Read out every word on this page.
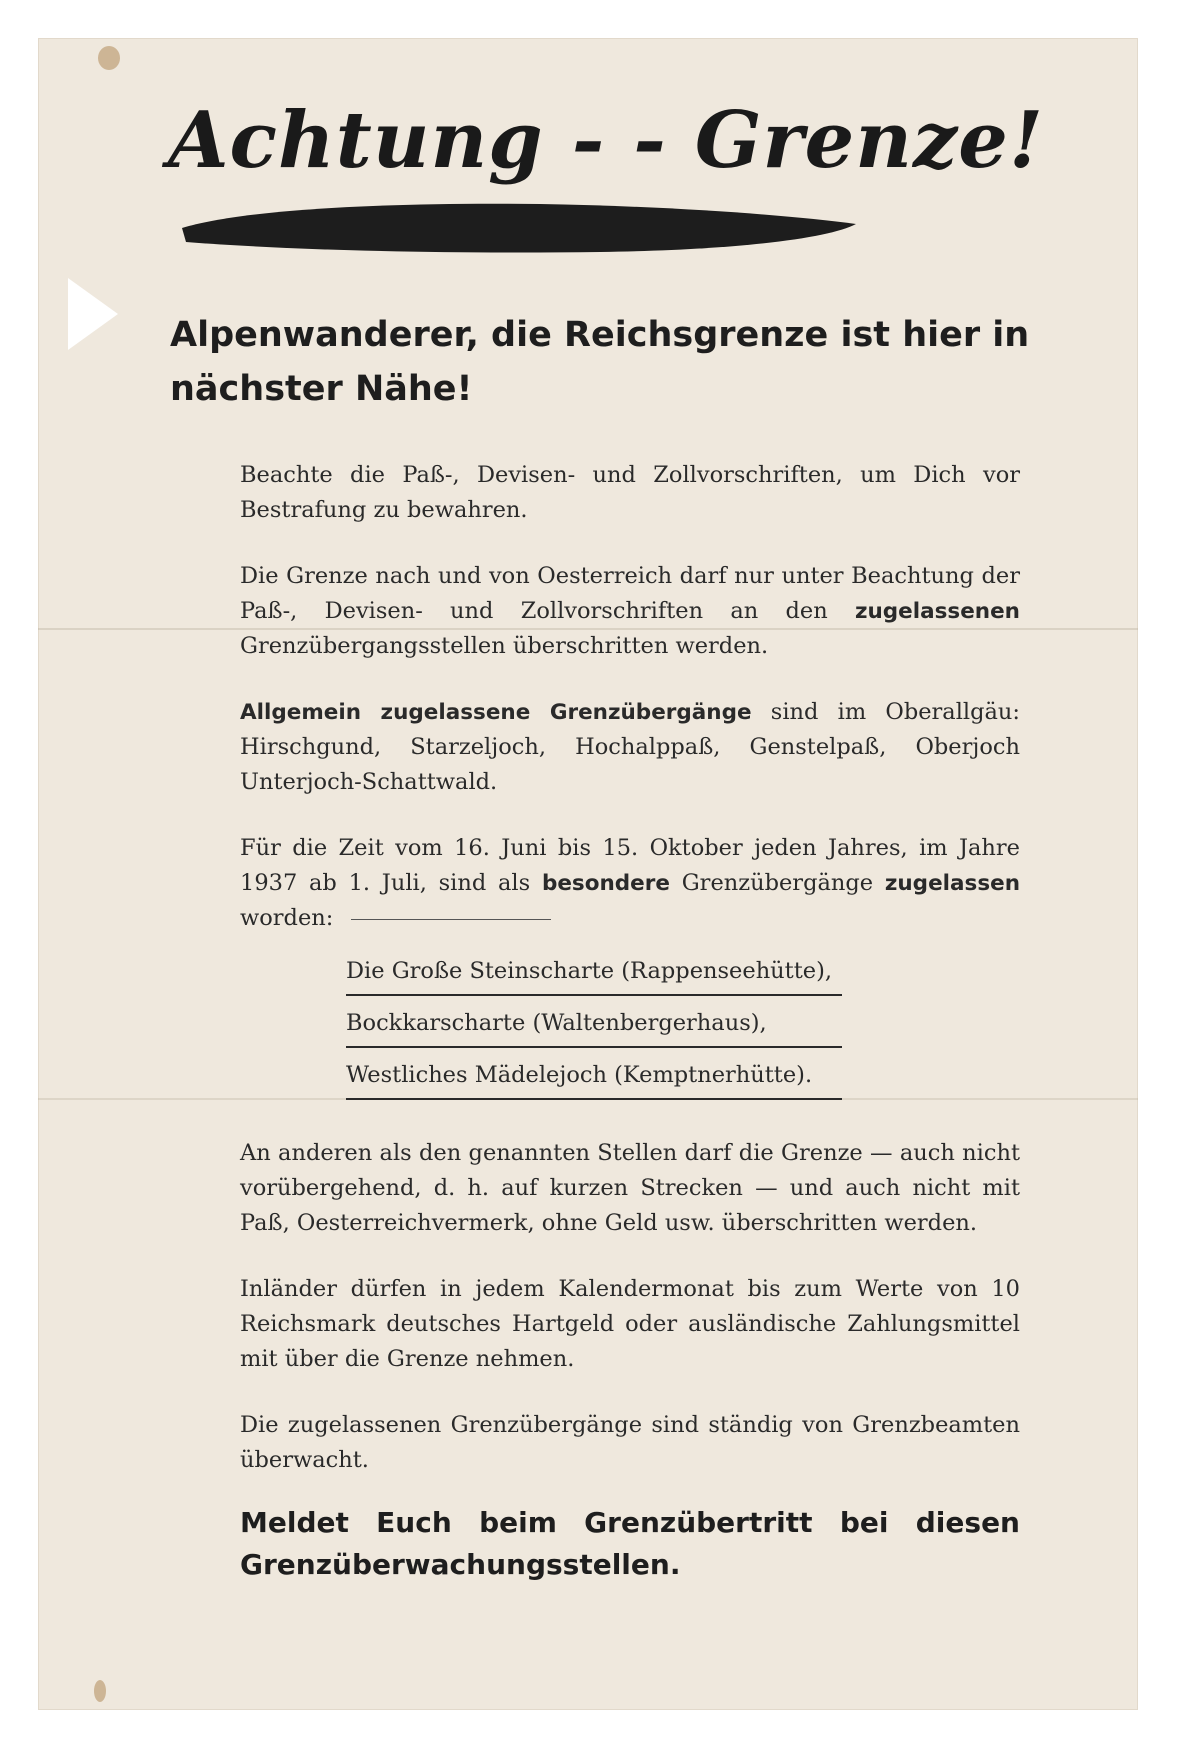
Achtung - - Grenze!
Alpenwanderer, die Reichsgrenze ist hier in nächster Nähe!

Beachte die Paß-, Devisen- und Zollvorschriften, um Dich vor Bestrafung zu bewahren.

Die Grenze nach und von Oesterreich darf nur unter Beachtung der Paß-, Devisen- und Zollvorschriften an den zugelassenen Grenzübergangsstellen überschritten werden.

Allgemein zugelassene Grenzübergänge sind im Oberallgäu: Hirschgund, Starzeljoch, Hochalppaß, Genstelpaß, Oberjoch Unterjoch-Schattwald.

Für die Zeit vom 16. Juni bis 15. Oktober jeden Jahres, im Jahre 1937 ab 1. Juli, sind als besondere Grenzübergänge zugelassen worden:

Die Große Steinscharte (Rappenseehütte),
Bockkarscharte (Waltenbergerhaus),
Westliches Mädelejoch (Kemptnerhütte).

An anderen als den genannten Stellen darf die Grenze — auch nicht vorübergehend, d. h. auf kurzen Strecken — und auch nicht mit Paß, Oesterreichvermerk, ohne Geld usw. überschritten werden.

Inländer dürfen in jedem Kalendermonat bis zum Werte von 10 Reichsmark deutsches Hartgeld oder ausländische Zahlungsmittel mit über die Grenze nehmen.

Die zugelassenen Grenzübergänge sind ständig von Grenzbeamten überwacht.

Meldet Euch beim Grenzübertritt bei diesen Grenzüberwachungsstellen.
